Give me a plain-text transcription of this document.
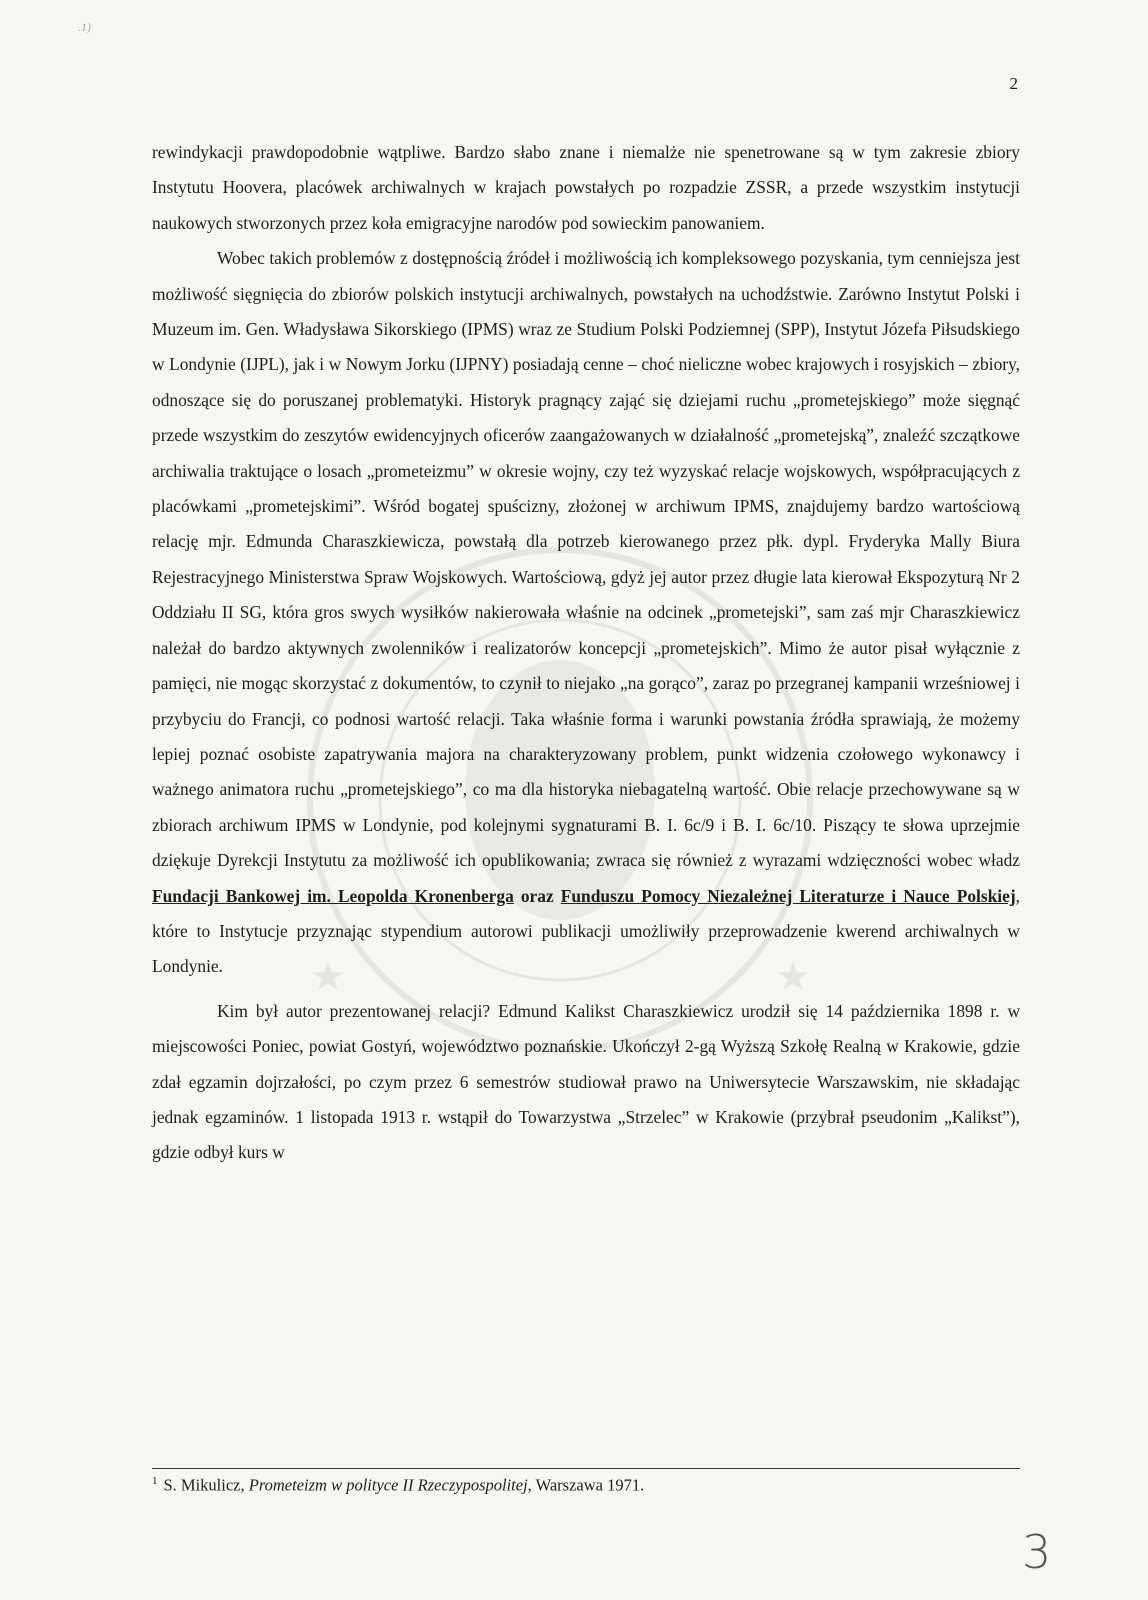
★	★
.1)
2

rewindykacji prawdopodobnie wątpliwe. Bardzo słabo znane i niemalże nie spenetrowane są w tym zakresie zbiory Instytutu Hoovera, placówek archiwalnych w krajach powstałych po rozpadzie ZSSR, a przede wszystkim instytucji naukowych stworzonych przez koła emigracyjne narodów pod sowieckim panowaniem.

Wobec takich problemów z dostępnością źródeł i możliwością ich kompleksowego pozyskania, tym cenniejsza jest możliwość sięgnięcia do zbiorów polskich instytucji archiwalnych, powstałych na uchodźstwie. Zarówno Instytut Polski i Muzeum im. Gen. Władysława Sikorskiego (IPMS) wraz ze Studium Polski Podziemnej (SPP), Instytut Józefa Piłsudskiego w Londynie (IJPL), jak i w Nowym Jorku (IJPNY) posiadają cenne – choć nieliczne wobec krajowych i rosyjskich – zbiory, odnoszące się do poruszanej problematyki. Historyk pragnący zająć się dziejami ruchu „prometejskiego” może sięgnąć przede wszystkim do zeszytów ewidencyjnych oficerów zaangażowanych w działalność „prometejską”, znaleźć szczątkowe archiwalia traktujące o losach „prometeizmu” w okresie wojny, czy też wyzyskać relacje wojskowych, współpracujących z placówkami „prometejskimi”. Wśród bogatej spuścizny, złożonej w archiwum IPMS, znajdujemy bardzo wartościową relację mjr. Edmunda Charaszkiewicza, powstałą dla potrzeb kierowanego przez płk. dypl. Fryderyka Mally Biura Rejestracyjnego Ministerstwa Spraw Wojskowych. Wartościową, gdyż jej autor przez długie lata kierował Ekspozyturą Nr 2 Oddziału II SG, która gros swych wysiłków nakierowała właśnie na odcinek „prometejski”, sam zaś mjr Charaszkiewicz należał do bardzo aktywnych zwolenników i realizatorów koncepcji „prometejskich”. Mimo że autor pisał wyłącznie z pamięci, nie mogąc skorzystać z dokumentów, to czynił to niejako „na gorąco”, zaraz po przegranej kampanii wrześniowej i przybyciu do Francji, co podnosi wartość relacji. Taka właśnie forma i warunki powstania źródła sprawiają, że możemy lepiej poznać osobiste zapatrywania majora na charakteryzowany problem, punkt widzenia czołowego wykonawcy i ważnego animatora ruchu „prometejskiego”, co ma dla historyka niebagatelną wartość. Obie relacje przechowywane są w zbiorach archiwum IPMS w Londynie, pod kolejnymi sygnaturami B. I. 6c/9 i B. I. 6c/10. Piszący te słowa uprzejmie dziękuje Dyrekcji Instytutu za możliwość ich opublikowania; zwraca się również z wyrazami wdzięczności wobec władz Fundacji Bankowej im. Leopolda Kronenberga oraz Funduszu Pomocy Niezależnej Literaturze i Nauce Polskiej, które to Instytucje przyznając stypendium autorowi publikacji umożliwiły przeprowadzenie kwerend archiwalnych w Londynie.

Kim był autor prezentowanej relacji? Edmund Kalikst Charaszkiewicz urodził się 14 października 1898 r. w miejscowości Poniec, powiat Gostyń, województwo poznańskie. Ukończył 2-gą Wyższą Szkołę Realną w Krakowie, gdzie zdał egzamin dojrzałości, po czym przez 6 semestrów studiował prawo na Uniwersytecie Warszawskim, nie składając jednak egzaminów. 1 listopada 1913 r. wstąpił do Towarzystwa „Strzelec” w Krakowie (przybrał pseudonim „Kalikst”), gdzie odbył kurs w

$^1$ S. Mikulicz, Prometeizm w polityce II Rzeczypospolitej, Warszawa 1971.
3
